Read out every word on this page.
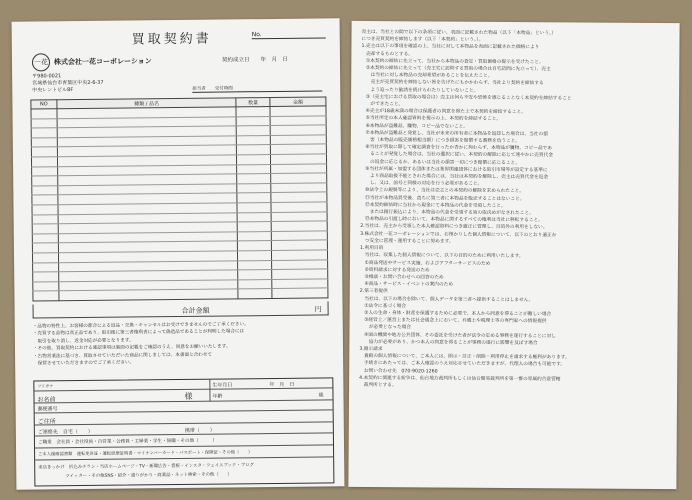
買取契約書	No.
一花 株式会社一花コーポレーション	契約成立日　　年　月　日
〒980-0021
宮城県仙台市青葉区中央2-6-37
中央レントビル8F	担当者　　受付時間
NO	種類 / 品名	数量	金額

合計金額	円

・品物の特性上、お客様の都合による返品・交換・キャンセルはお受けできませんのでご了承ください。

・売買する品物は真正品であり、取引後に第三者権利者によって偽造品であることが判明した場合には

　取引を取り消し、返金対応が必要となります。

・その他、買取契約における確認事項は裏面の記載をご確認のうえ、同意をお願いいたします。

・古物営業法に基づき、買取させていただいた商品に関しましては、本書面と合わせて

　保管させていただきますのでご了承ください。

フリガナ	生年月日	年　月　日
お名前	様	年齢	歳
郵便番号
ご住所
ご連絡先　自宅（　　）	携帯（　　）
ご職業　会社員・会社役員・自営業・公務員・主婦業・学生・無職・その他（　　　）
ご本人様確認書類　運転免許証・運転経歴証明書・マイナンバーカード・パスポート・保険証・その他（　　）
来店きっかけ　折込みチラシ・当店ホームページ・TV・新聞広告・看板・インスタ・フェイスブック・ブログ
ツイッター・その他SNS・紹介・通りがかり・商業誌・ネット検索・その他（　　）

売主は、当社との間で以下の条項に従い、表面に記載された物品（以下「本物品」という。）

につき売買契約を締結します（以下「本契約」という。）。

1.売主は以下の事項を確認の上、当社に対して本物品を表面に記載された価格により

　売却するものとする。

　①本契約の締結に先立って、当社から本物品の査定・買取価格の提示を受けたこと。

　②本契約の締結に先立って（売主宅に訪問する買取の場合は自宅訪問に先立って）、売主

　　は当社に対し本物品の売却希望があることを伝えたこと。

　　売主が売買契約を締結しない旨を告げたにもかかわらず、当社より契約を締結する

　　よう迫ったり勧誘を続けられたりしていないこと。

　③（売主宅における買取の場合は）売主は何ら不安や恐怖を感じることなく本契約を締結すること

　　ができたこと。

　④売主が18歳未満の場合は保護者の同意を得た上で本契約を締結すること。

　⑤当社所定の本人確認資料を提示の上、本契約を締結すること。

　⑥本物品が盗難品、贋物、コピー品でないこと。

　⑦本物品が盗難品と発覚し、当社が未来の所有者に本物品を返却した場合は、当社の損

　　害（本物品の販売価格相当額）につき損害を賠償する義務を負うこと。

　⑧当社が買取に際して確定調査を行ったか否かに拘わらず、本物品が贋物、コピー品であ

　　ることが発覚した場合は、当社の選択に従い、本契約の解除に応じて速やかに売買代金

　　の返金に応じるか、あるいは当社の損害一切につき賠償に応じること。

　⑨当社が所属・加盟する団体または業界関連団体における取引市場等が設定する基準に

　　より商品取扱不能とされた場合には、当社は本契約を解除し、売主は売買代金を返金

　　し、又は、前号と同様の対応を行う必要があること。

　⑩法令上の規制等により、当社は売主との本契約の解除を求められたこと。

　⑪当社が本物品買受後、直ちに第三者に本物品を販売することはないこと。

　⑫本契約締結時に当社から現金にて本物品の代金を受領したこと。

　　または銀行振込により、本物品の代金を受領する旨の取決めがなされたこと。

　⑬本物品の引渡し時において、本物品に関するすべての権利は当社に移転すること。

2.当社は、売主から受領した本人確認資料につき厳正に管理し、目的外の利用をしない。

3.株式会社一花コーポレーションでは、お預かりした個人情報について、以下のとおり適正か

　つ安全に管理・運用することに努めます。

1.利用目的

　当社は、収集した個人情報について、以下の目的のために利用いたします。

　①商品発送やサービス実施、およびアフターサービスのため

　②資料請求に対する発送のため

　③相談・お問い合わせへの回答のため

　④商品・サービス・イベントの案内のため

2.第三者提供

　当社は、以下の場合を除いて、個人データを第三者へ提供することはしません。

　①法令に基づく場合

　②人の生命・身体・財産を保護するために必要で、本人から同意を得ることが難しい場合

　③経営上／運営上または社会通念上において、弁護士や税理士等の専門家への情報提供

　　が必要となった場合

　④国の機関や地方公共団体、その委託を受けた者が法令の定める事務を遂行することに対し

　　協力が必要があり、かつ本人の同意を得ることが事務の遂行に影響を及ぼす場合

3.開示請求

　貴殿の個人情報について、ご本人には、開示・訂正・削除・利用停止を請求する権利があります。

　手続きにあたっては、ご本人確認のうえ対応させていただきますが、代理人の場合も可能です。

　お問い合わせ先　070-9020-1260

4.本契約に関連する紛争は、仙台地方裁判所もしくは仙台簡易裁判所を第一審の専属的合意管轄

　裁判所とする。
